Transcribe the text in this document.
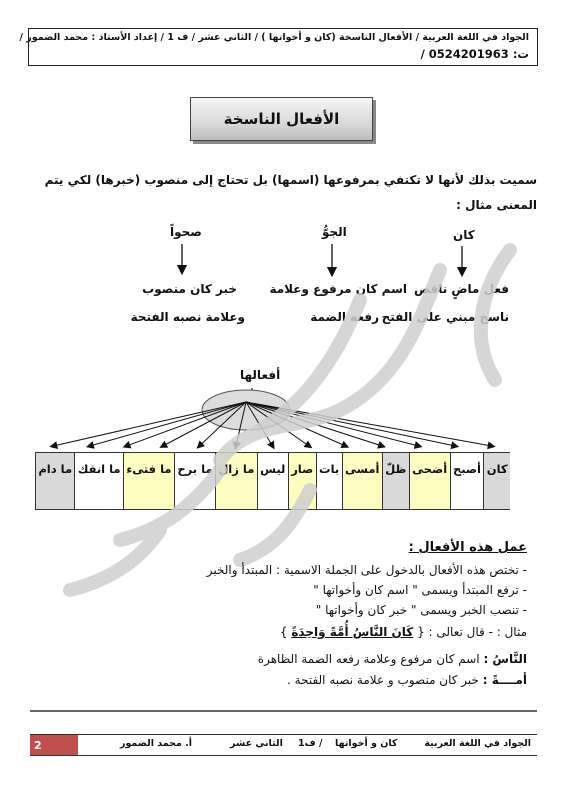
الجواد في اللغة العربية / الأفعال الناسخة (كان و أخواتها ) / الثاني عشر / ف 1 / إعداد الأستاذ : محمد الضمور /
ت: 0524201963 /
الأفعال الناسخة
سميت بذلك لأنها لا تكتفي بمرفوعها (اسمها) بل تحتاج إلى منصوب (خبرها) لكي يتم المعنى مثال :
كان
الجوُّ
صحواً
فعل ماضٍ ناقص
ناسخ مبني على الفتح
اسم كان مرفوع وعلامة
رفعه الضمة
خبر كان منصوب
وعلامة نصبه الفتحة
أفعالها
كان
أصبح
أضحى
ظلّ
أمسى
بات
صار
ليس
ما زال
ما برح
ما فتىء
ما انفك
ما دام
عمل هذه الأفعال :
- تختص هذه الأفعال بالدخول على الجملة الاسمية : المبتدأ والخبر
- ترفع المبتدأ ويسمى " اسم كان وأخواتها "
- تنصب الخبر ويسمى " خبر كان وأخواتها "
مثال : - قال تعالى : { كَانَ النَّاسُ أُمَّةً وَاحِدَةً }
النَّاسُ : اسم كان مرفوع وعلامة رفعه الضمة الظاهرة
أمــــةً : خبر كان منصوب و علامة نصبه الفتحة .
2	أ. محمد الضمور	الثاني عشر / ف1 كان و أخواتها	الجواد في اللغة العربية
